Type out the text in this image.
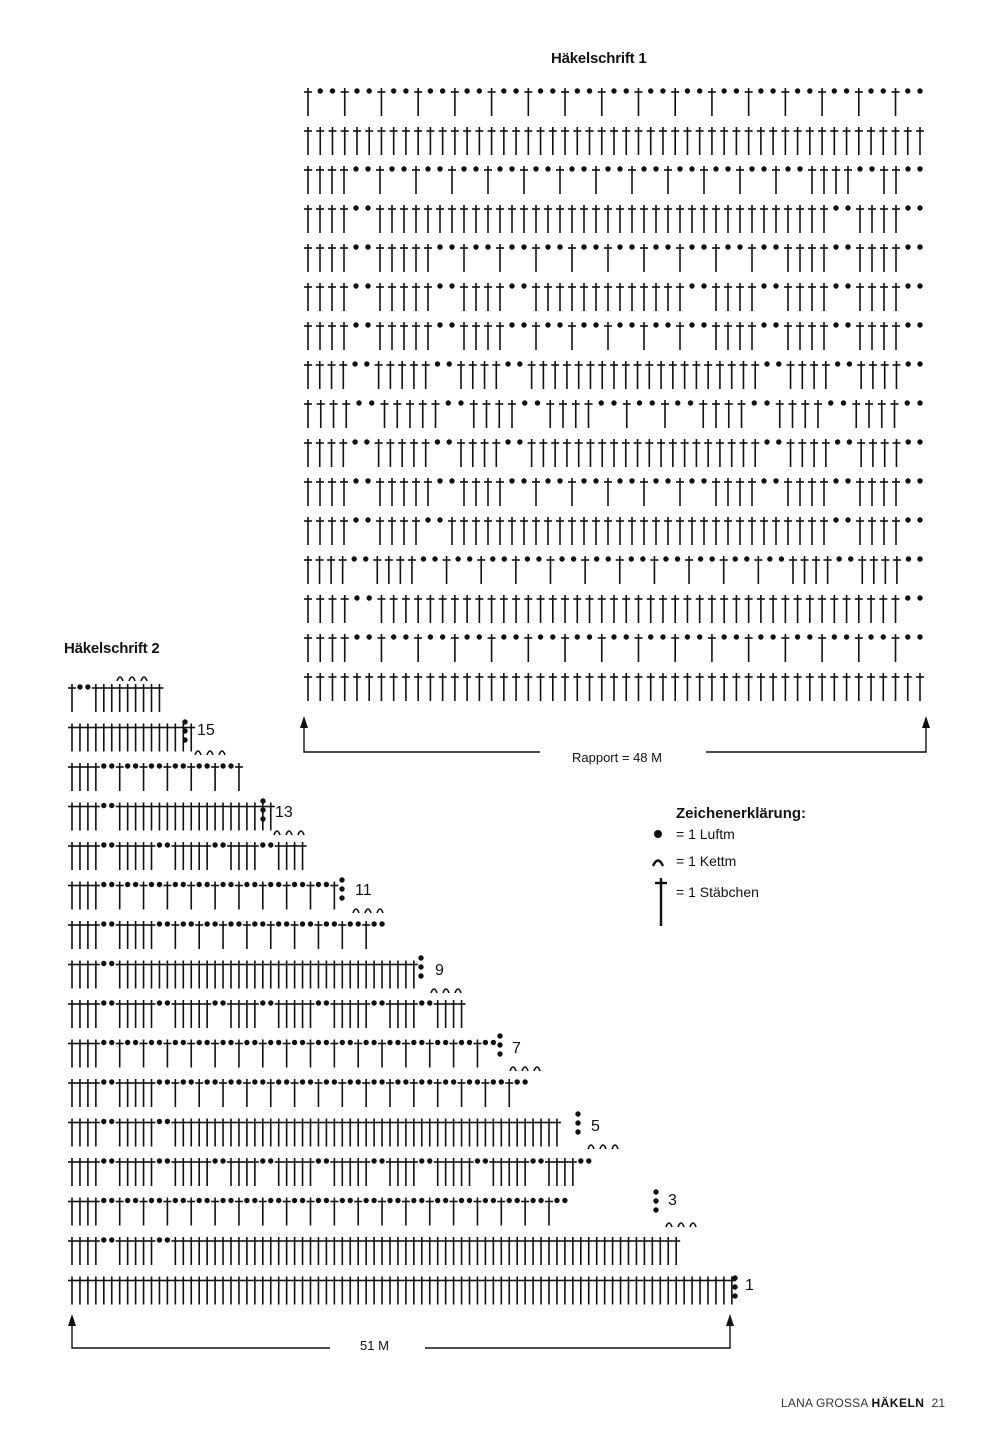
Häkelschrift 1
Häkelschrift 2
Rapport = 48 M
51 M
15
13
11
9
7
5
3
1
Zeichenerklärung:
= 1 Luftm
= 1 Kettm
= 1 Stäbchen
LANA GROSSA HÄKELN 21
